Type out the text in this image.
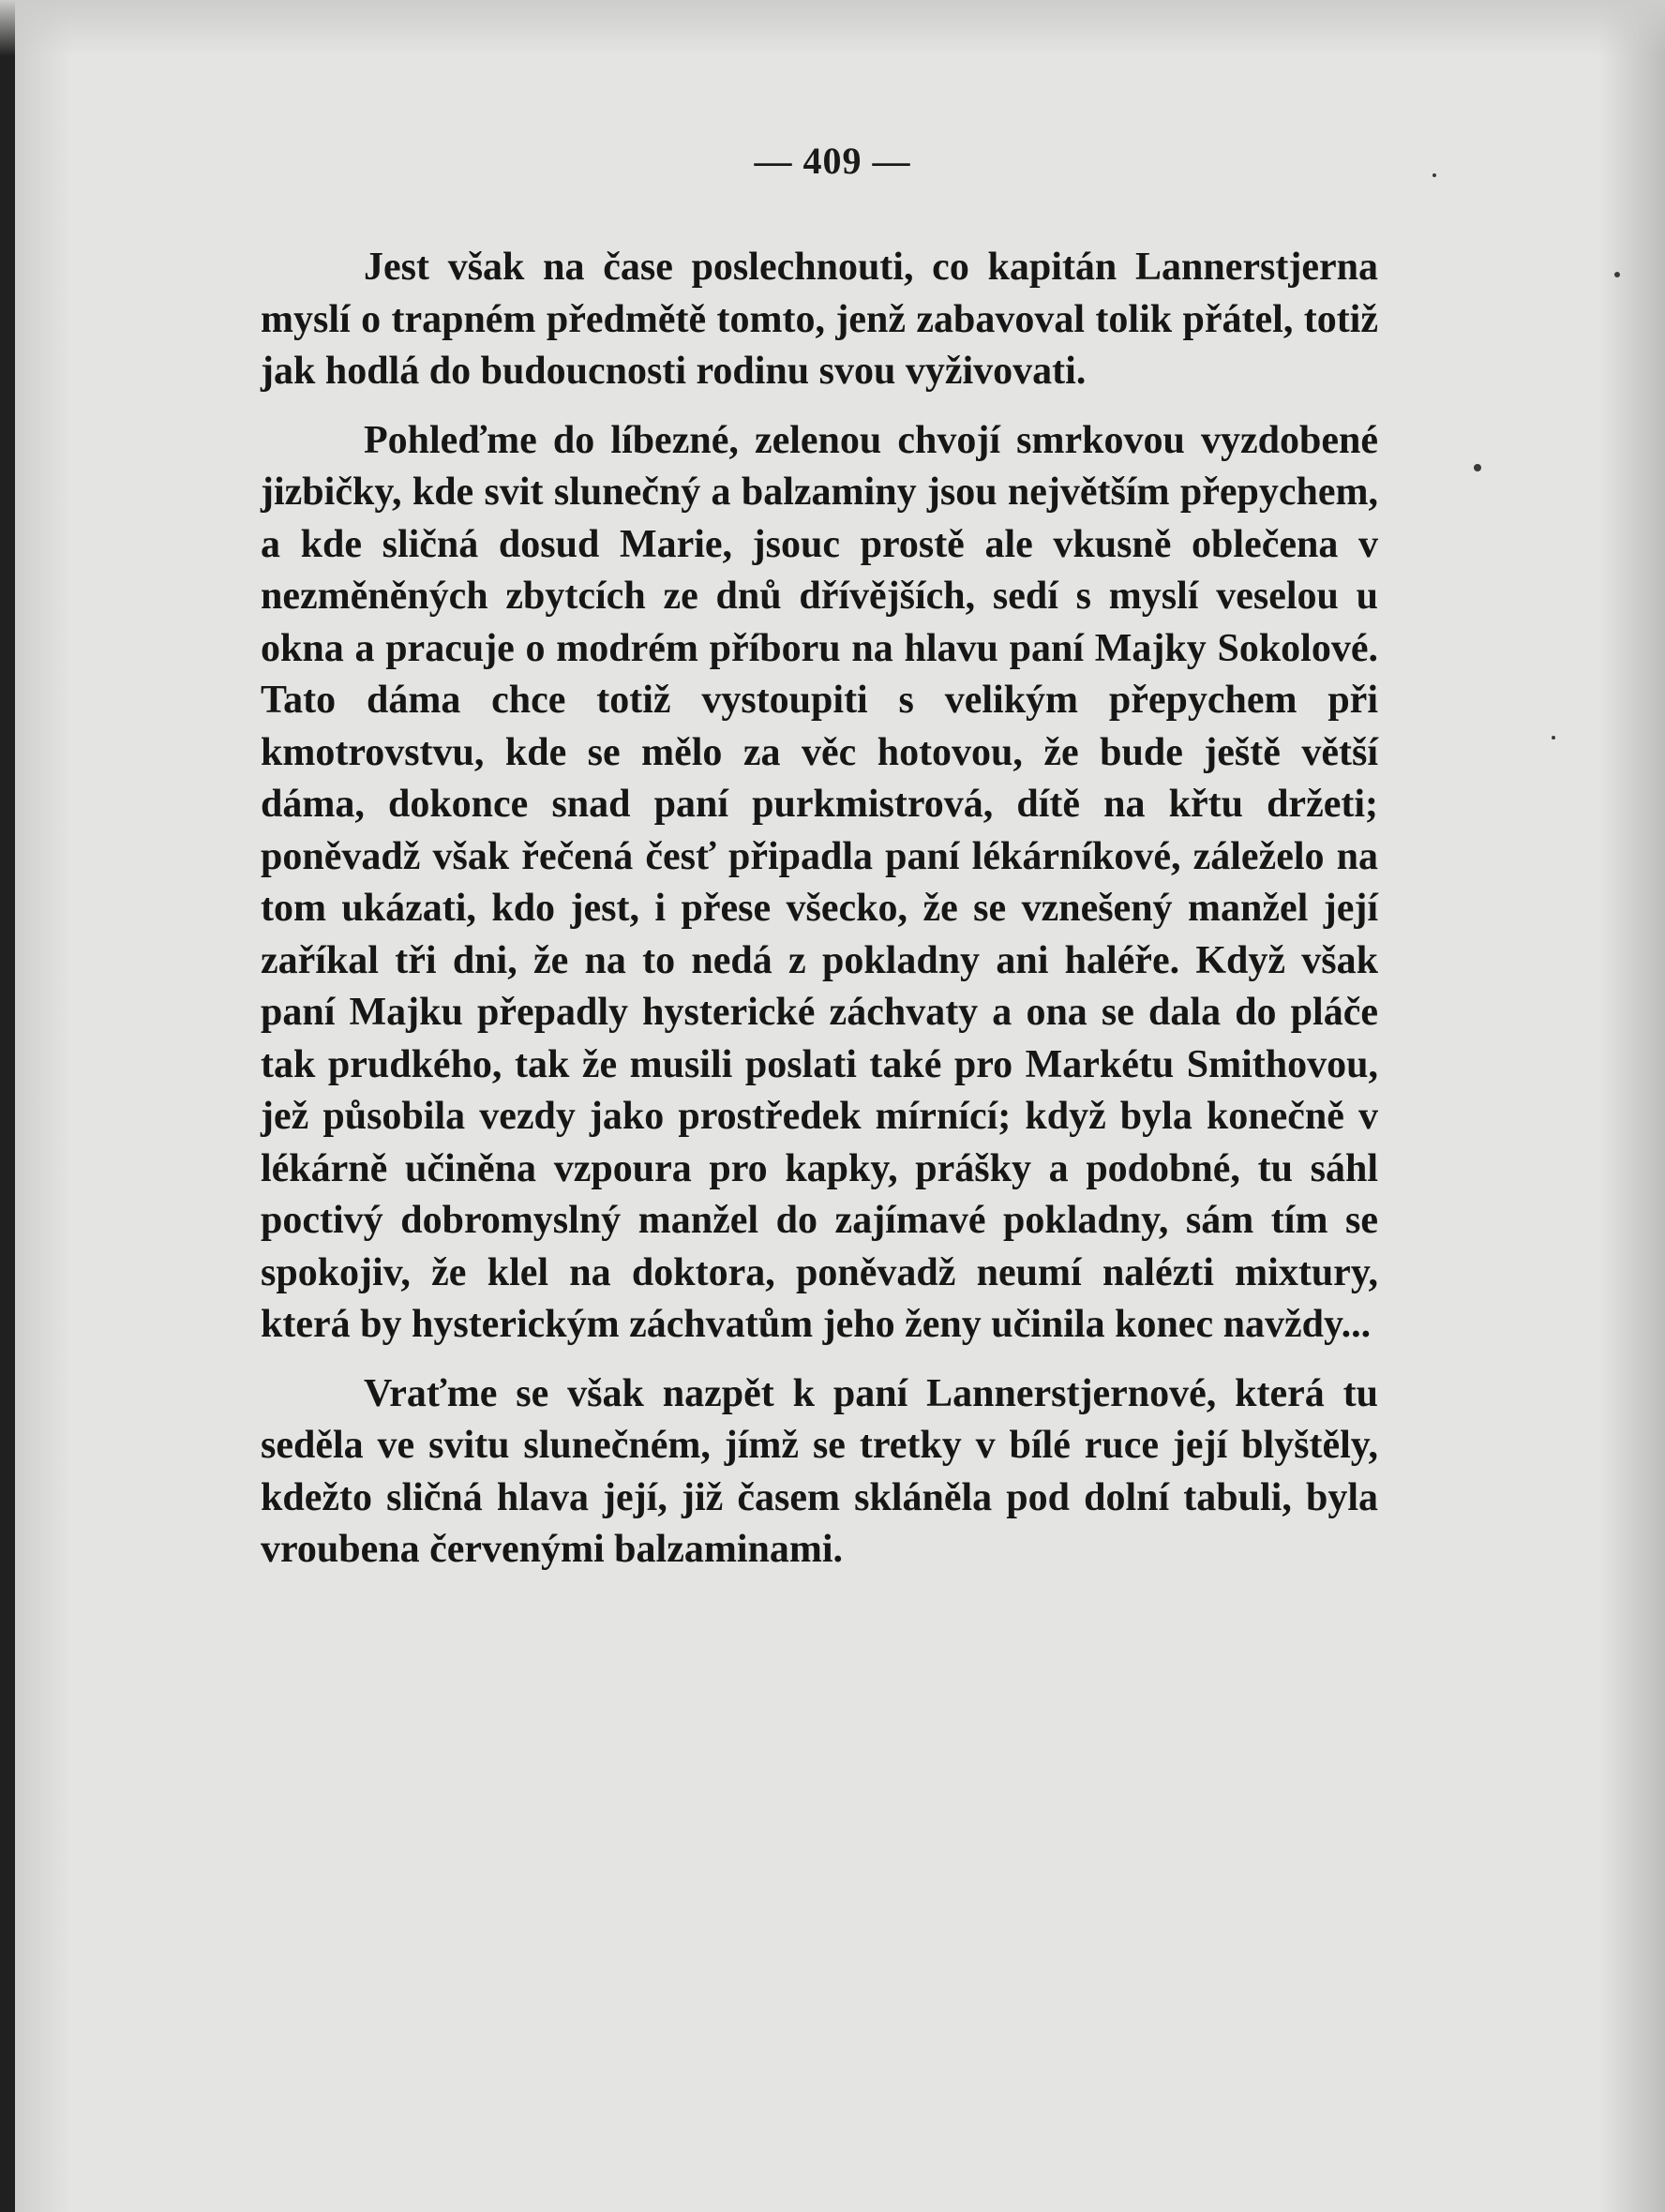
— 409 —

Jest však na čase poslechnouti, co kapitán Lannerstjerna myslí o trapném předmětě tomto, jenž zabavoval tolik přátel, totiž jak hodlá do budoucnosti rodinu svou vyživovati.

Pohleďme do líbezné, zelenou chvojí smrkovou vyzdobené jizbičky, kde svit slunečný a balzaminy jsou největším přepychem, a kde sličná dosud Marie, jsouc prostě ale vkusně oblečena v nezměněných zbytcích ze dnů dřívějších, sedí s myslí veselou u okna a pracuje o modrém příboru na hlavu paní Majky Sokolové. Tato dáma chce totiž vystoupiti s velikým přepychem při kmotrovstvu, kde se mělo za věc hotovou, že bude ještě větší dáma, dokonce snad paní purkmistrová, dítě na křtu držeti; poněvadž však řečená česť připadla paní lékárníkové, záleželo na tom ukázati, kdo jest, i přese všecko, že se vznešený manžel její zaříkal tři dni, že na to nedá z pokladny ani haléře. Když však paní Majku přepadly hysterické záchvaty a ona se dala do pláče tak prudkého, tak že musili poslati také pro Markétu Smithovou, jež působila vezdy jako prostředek mírnící; když byla konečně v lékárně učiněna vzpoura pro kapky, prášky a podobné, tu sáhl poctivý dobromyslný manžel do zajímavé pokladny, sám tím se spokojiv, že klel na doktora, poněvadž neumí nalézti mixtury, která by hysterickým záchvatům jeho ženy učinila konec navždy...

Vraťme se však nazpět k paní Lannerstjernové, která tu seděla ve svitu slunečném, jímž se tretky v bílé ruce její blyštěly, kdežto sličná hlava její, již časem skláněla pod dolní tabuli, byla vroubena červenými balzaminami.
